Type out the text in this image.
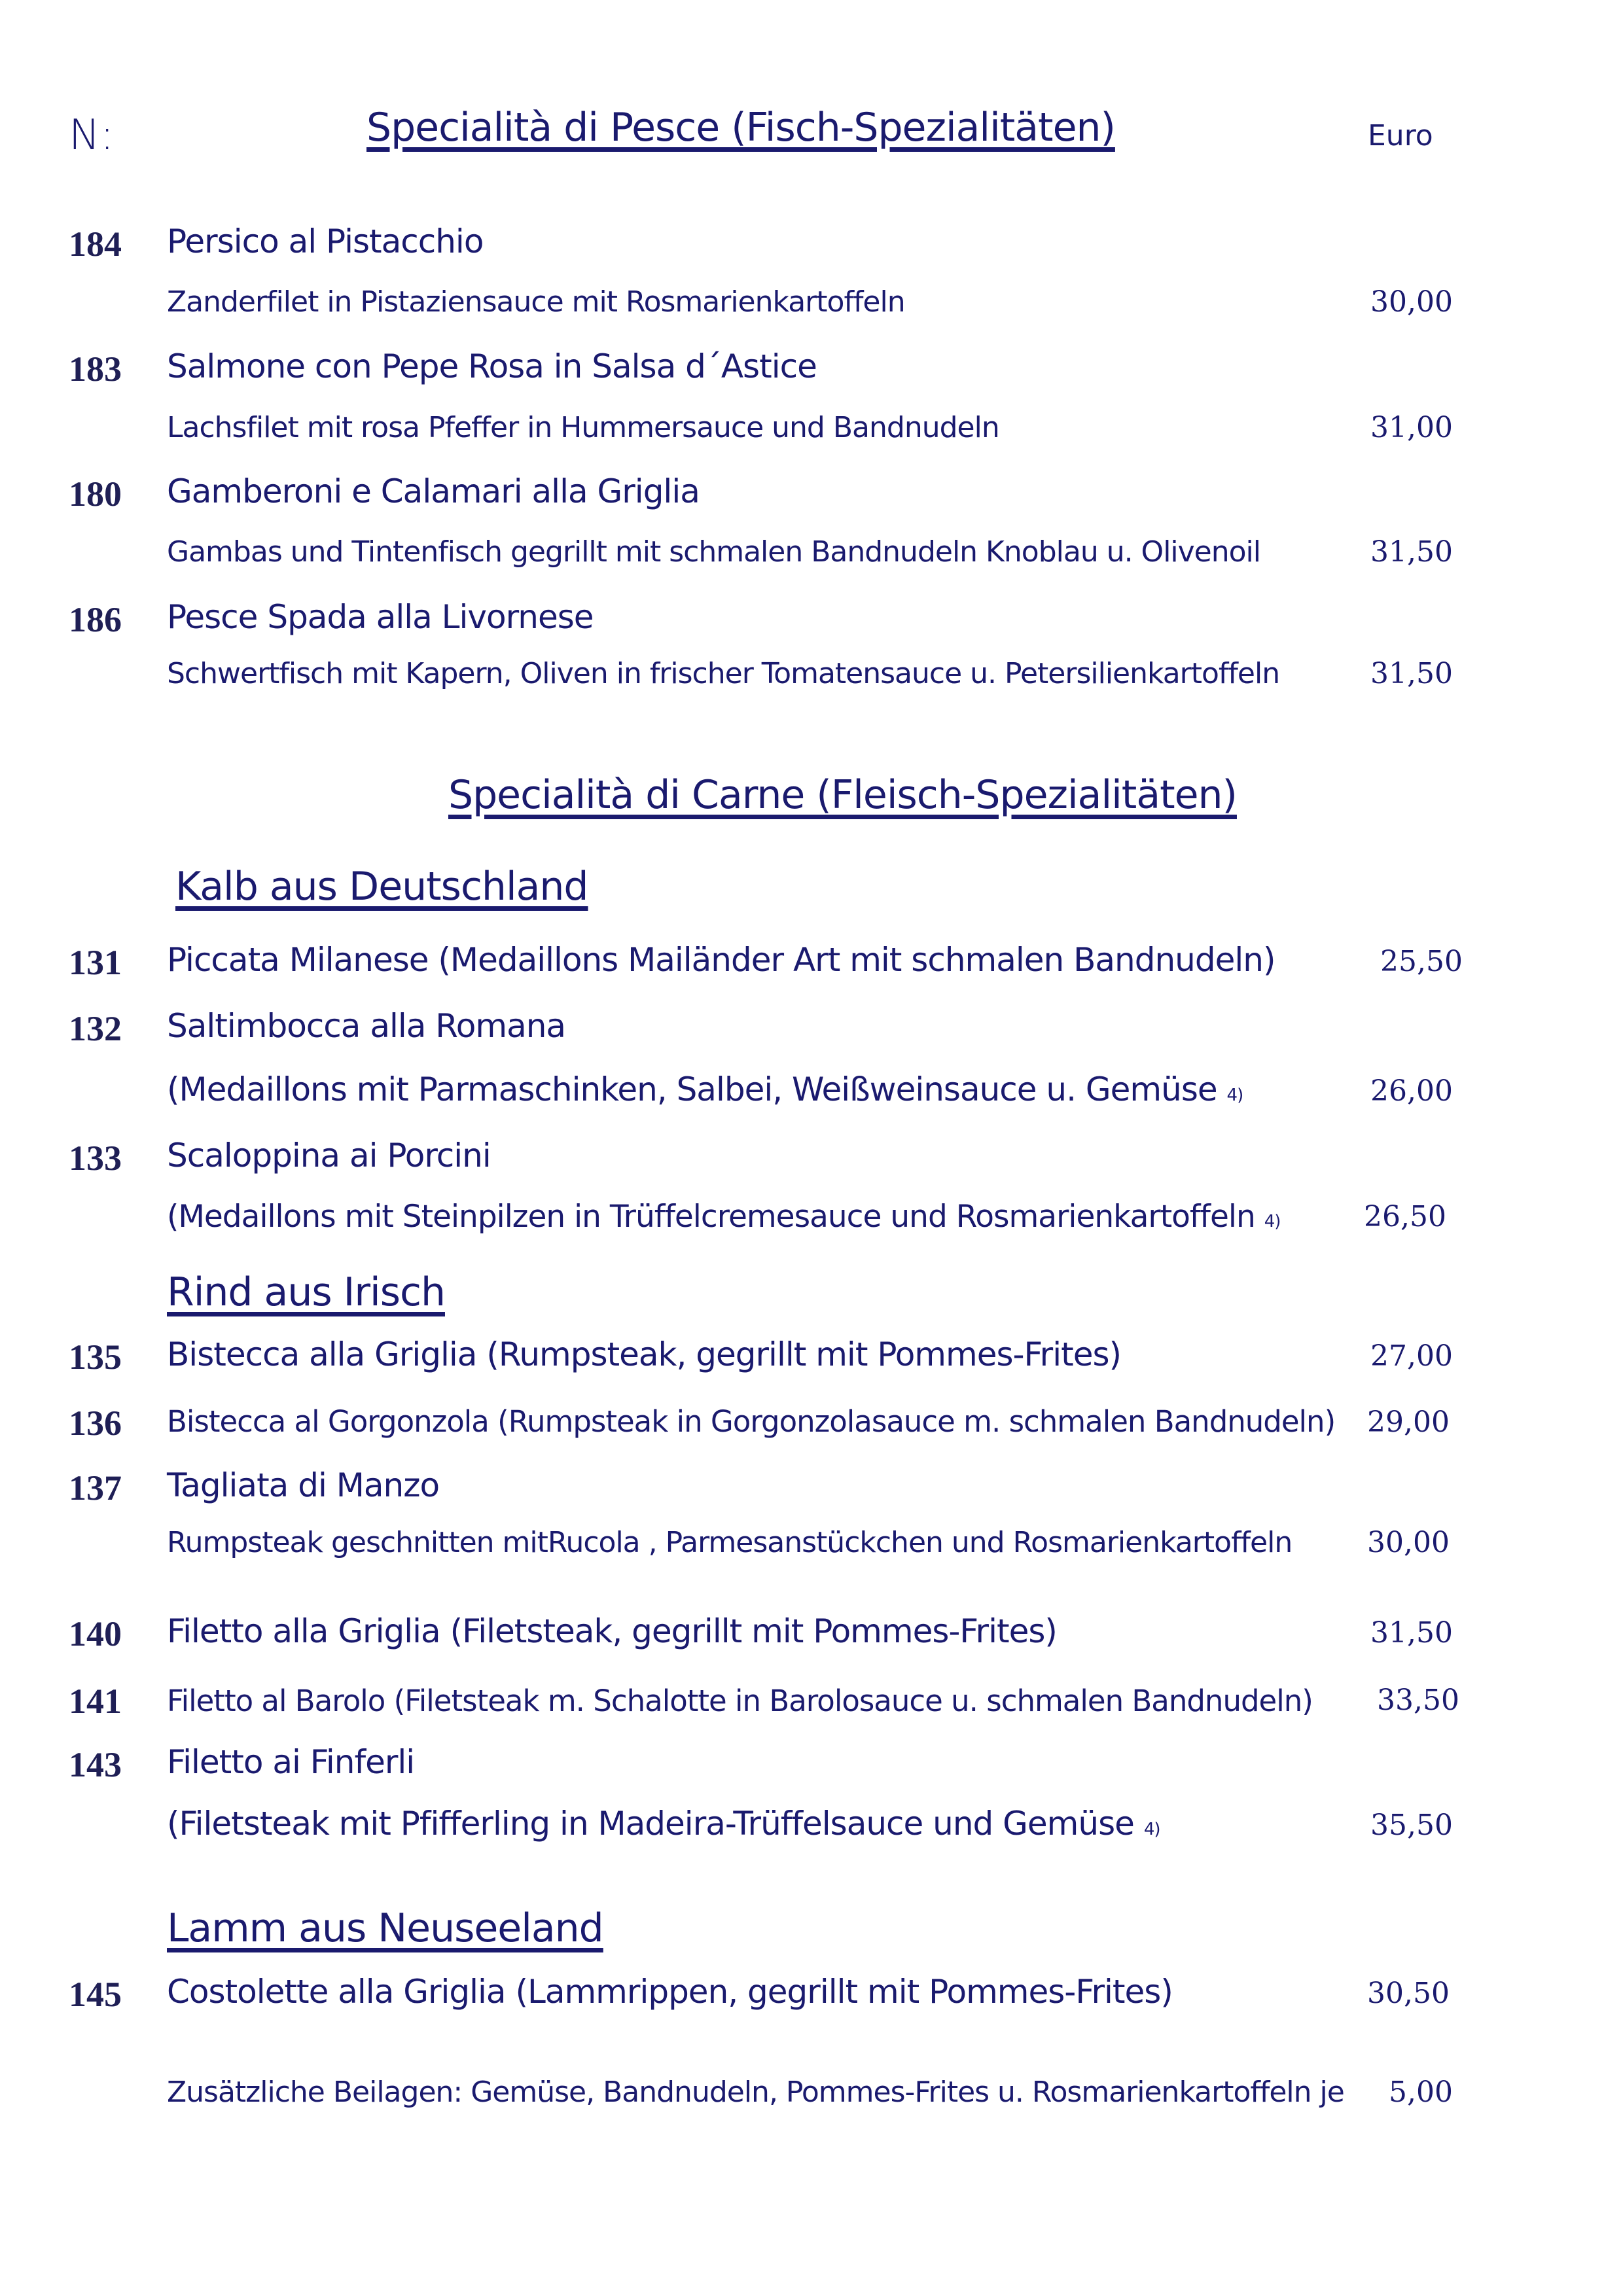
N:	Specialità di Pesce (Fisch-Spezialitäten)	Euro
184 Persico al Pistacchio
Zanderfilet in Pistaziensauce mit Rosmarienkartoffeln	30,00
183 Salmone con Pepe Rosa in Salsa d´Astice
Lachsfilet mit rosa Pfeffer in Hummersauce und Bandnudeln	31,00
180 Gamberoni e Calamari alla Griglia
Gambas und Tintenfisch gegrillt mit schmalen Bandnudeln Knoblau u. Olivenoil	31,50
186 Pesce Spada alla Livornese
Schwertfisch mit Kapern, Oliven in frischer Tomatensauce u. Petersilienkartoffeln	31,50
Specialità di Carne (Fleisch-Spezialitäten)
Kalb aus Deutschland
131 Piccata Milanese (Medaillons Mailänder Art mit schmalen Bandnudeln)	25,50
132 Saltimbocca alla Romana
(Medaillons mit Parmaschinken, Salbei, Weißweinsauce u. Gemüse 4)	26,00
133 Scaloppina ai Porcini
(Medaillons mit Steinpilzen in Trüffelcremesauce und Rosmarienkartoffeln 4)	26,50
Rind aus Irisch
135 Bistecca alla Griglia (Rumpsteak, gegrillt mit Pommes-Frites)	27,00
136 Bistecca al Gorgonzola (Rumpsteak in Gorgonzolasauce m. schmalen Bandnudeln)	29,00
137 Tagliata di Manzo
Rumpsteak geschnitten mitRucola , Parmesanstückchen und Rosmarienkartoffeln	30,00
140 Filetto alla Griglia (Filetsteak, gegrillt mit Pommes-Frites)	31,50
141 Filetto al Barolo (Filetsteak m. Schalotte in Barolosauce u. schmalen Bandnudeln)	33,50
143 Filetto ai Finferli
(Filetsteak mit Pfifferling in Madeira-Trüffelsauce und Gemüse 4)	35,50
Lamm aus Neuseeland
145 Costolette alla Griglia (Lammrippen, gegrillt mit Pommes-Frites)	30,50
Zusätzliche Beilagen: Gemüse, Bandnudeln, Pommes-Frites u. Rosmarienkartoffeln je	5,00
